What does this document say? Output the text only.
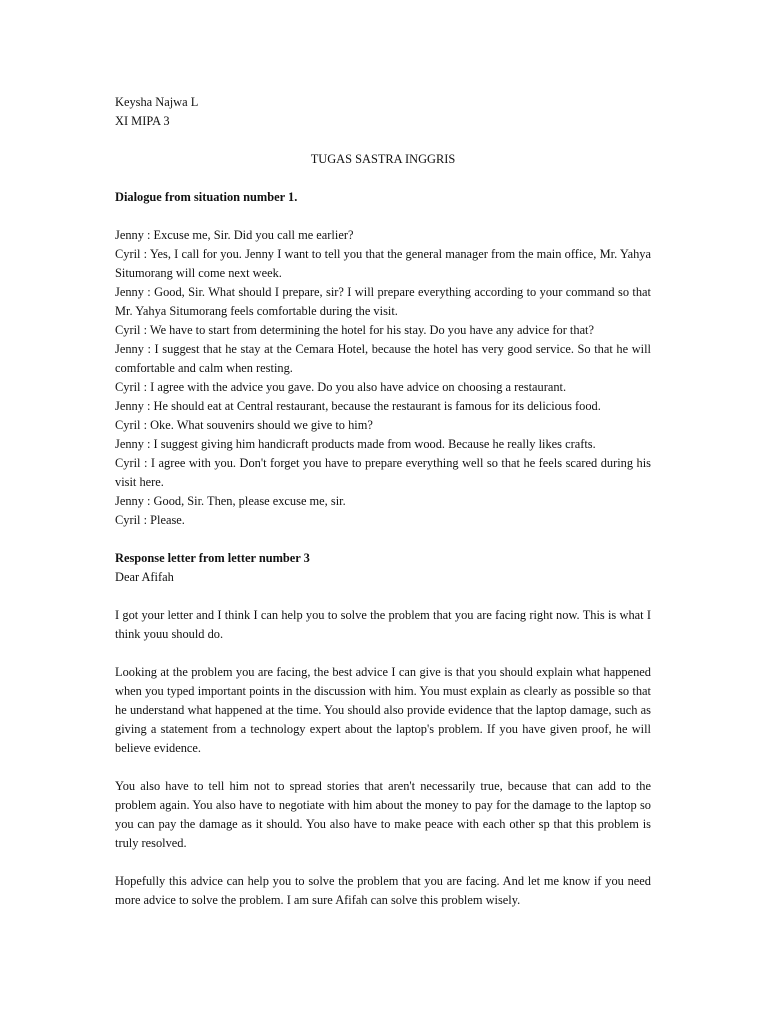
Keysha Najwa L
XI MIPA 3
TUGAS SASTRA INGGRIS
Dialogue from situation number 1.
Jenny : Excuse me, Sir. Did you call me earlier?
Cyril : Yes, I call for you. Jenny I want to tell you that the general manager from the main office, Mr. Yahya Situmorang will come next week.
Jenny : Good, Sir. What should I prepare, sir? I will prepare everything according to your command so that Mr. Yahya Situmorang feels comfortable during the visit.
Cyril : We have to start from determining the hotel for his stay. Do you have any advice for that?
Jenny : I suggest that he stay at the Cemara Hotel, because the hotel has very good service. So that he will comfortable and calm when resting.
Cyril : I agree with the advice you gave. Do you also have advice on choosing a restaurant.
Jenny : He should eat at Central restaurant, because the restaurant is famous for its delicious food.
Cyril : Oke. What souvenirs should we give to him?
Jenny : I suggest giving him handicraft products made from wood. Because he really likes crafts.
Cyril : I agree with you. Don't forget you have to prepare everything well so that he feels scared during his visit here.
Jenny : Good, Sir. Then, please excuse me, sir.
Cyril : Please.
Response letter from letter number 3
Dear Afifah
I got your letter and I think I can help you to solve the problem that you are facing right now. This is what I think youu should do.
Looking at the problem you are facing, the best advice I can give is that you should explain what happened when you typed important points in the discussion with him. You must explain as clearly as possible so that he understand what happened at the time. You should also provide evidence that the laptop damage, such as giving a statement from a technology expert about the laptop's problem. If you have given proof, he will believe evidence.
You also have to tell him not to spread stories that aren't necessarily true, because that can add to the problem again. You also have to negotiate with him about the money to pay for the damage to the laptop so you can pay the damage as it should. You also have to make peace with each other sp that this problem is truly resolved.
Hopefully this advice can help you to solve the problem that you are facing. And let me know if you need more advice to solve the problem. I am sure Afifah can solve this problem wisely.
